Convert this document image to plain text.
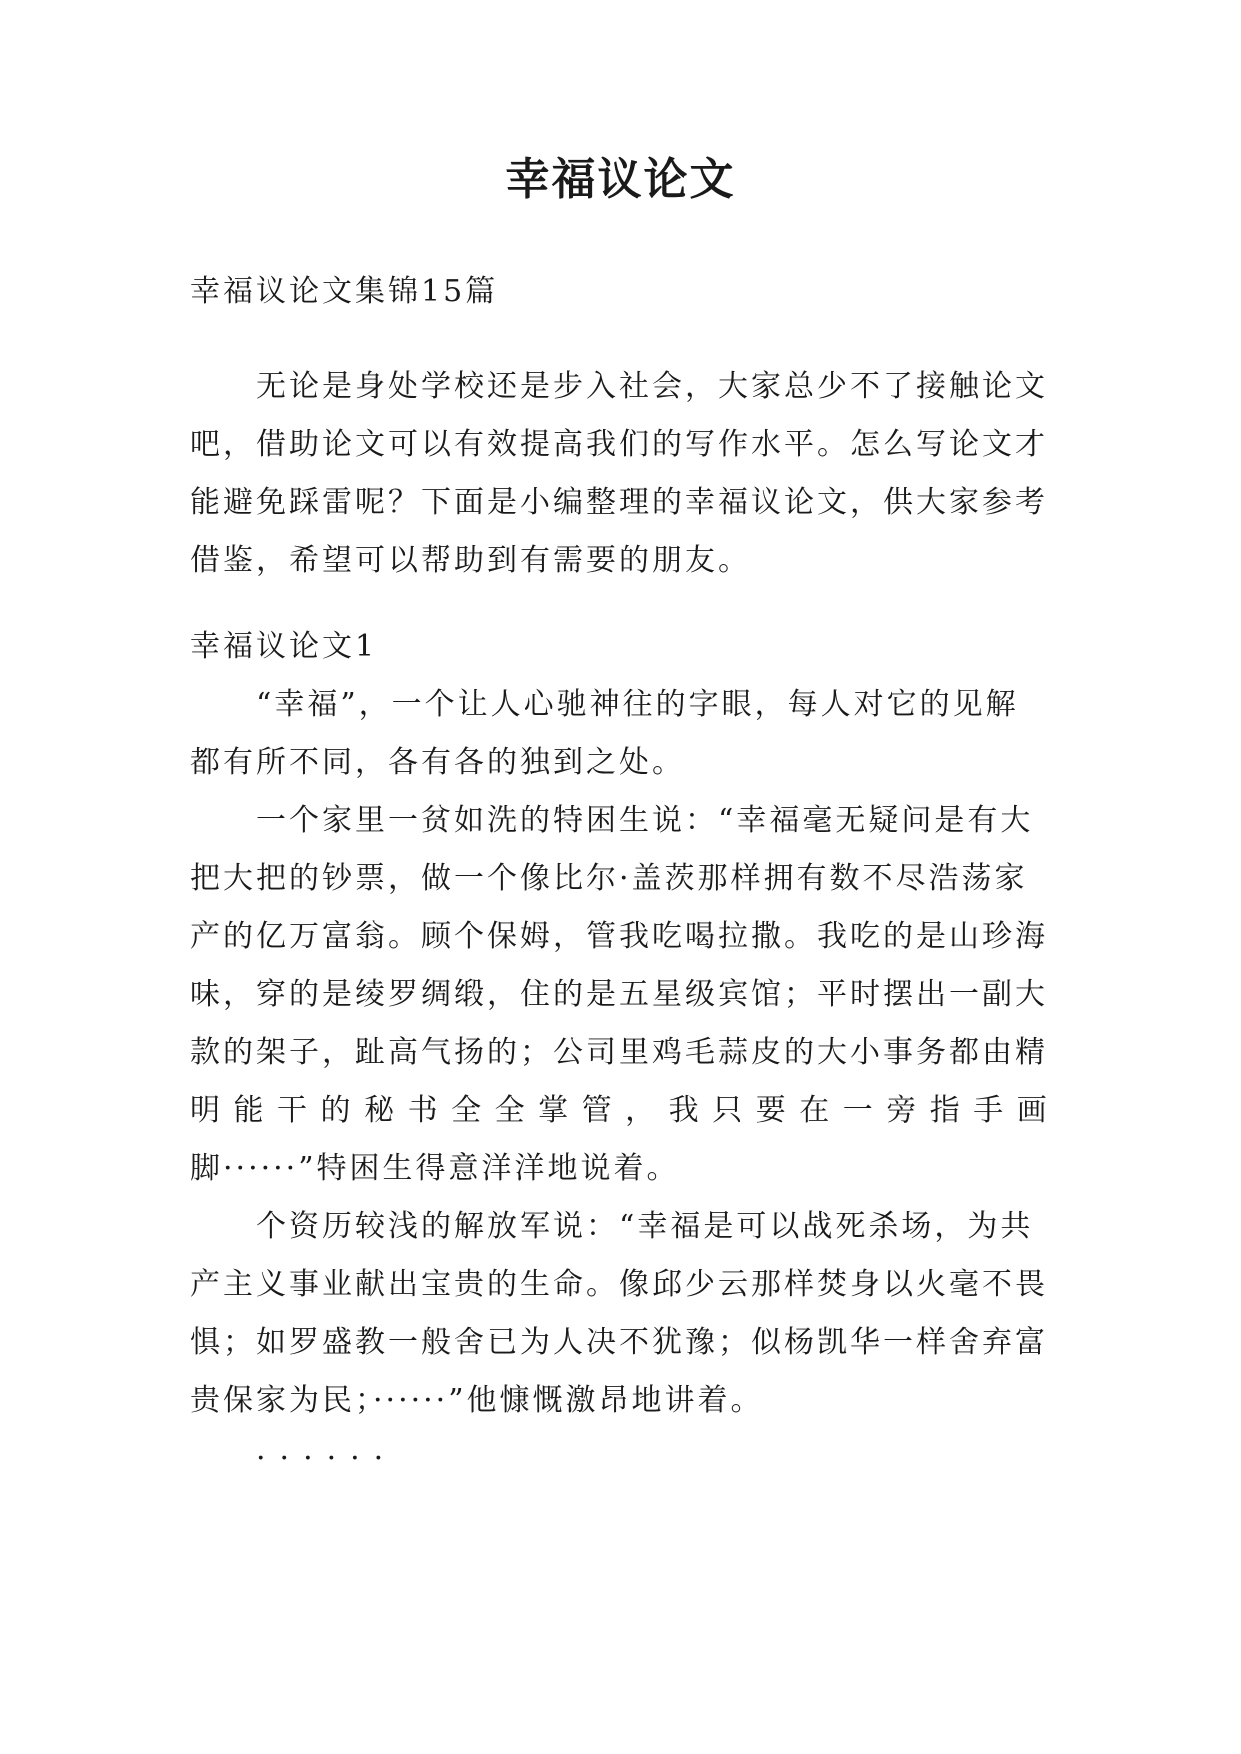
幸福议论文
幸福议论文集锦15篇
无论是身处学校还是步入社会，大家总少不了接触论文
吧，借助论文可以有效提高我们的写作水平。怎么写论文才
能避免踩雷呢？下面是小编整理的幸福议论文，供大家参考
借鉴，希望可以帮助到有需要的朋友。
幸福议论文1
“幸福”，一个让人心驰神往的字眼，每人对它的见解
都有所不同，各有各的独到之处。
一个家里一贫如洗的特困生说：“幸福毫无疑问是有大
把大把的钞票，做一个像比尔·盖茨那样拥有数不尽浩荡家
产的亿万富翁。顾个保姆，管我吃喝拉撒。我吃的是山珍海
味，穿的是绫罗绸缎，住的是五星级宾馆；平时摆出一副大
款的架子，趾高气扬的；公司里鸡毛蒜皮的大小事务都由精
明 能 干 的 秘 书 全 全 掌 管 ， 我 只 要 在 一 旁 指 手 画
脚······”特困生得意洋洋地说着。
个资历较浅的解放军说：“幸福是可以战死杀场，为共
产主义事业献出宝贵的生命。像邱少云那样焚身以火毫不畏
惧；如罗盛教一般舍已为人决不犹豫；似杨凯华一样舍弃富
贵保家为民；······”他慷慨激昂地讲着。
······
